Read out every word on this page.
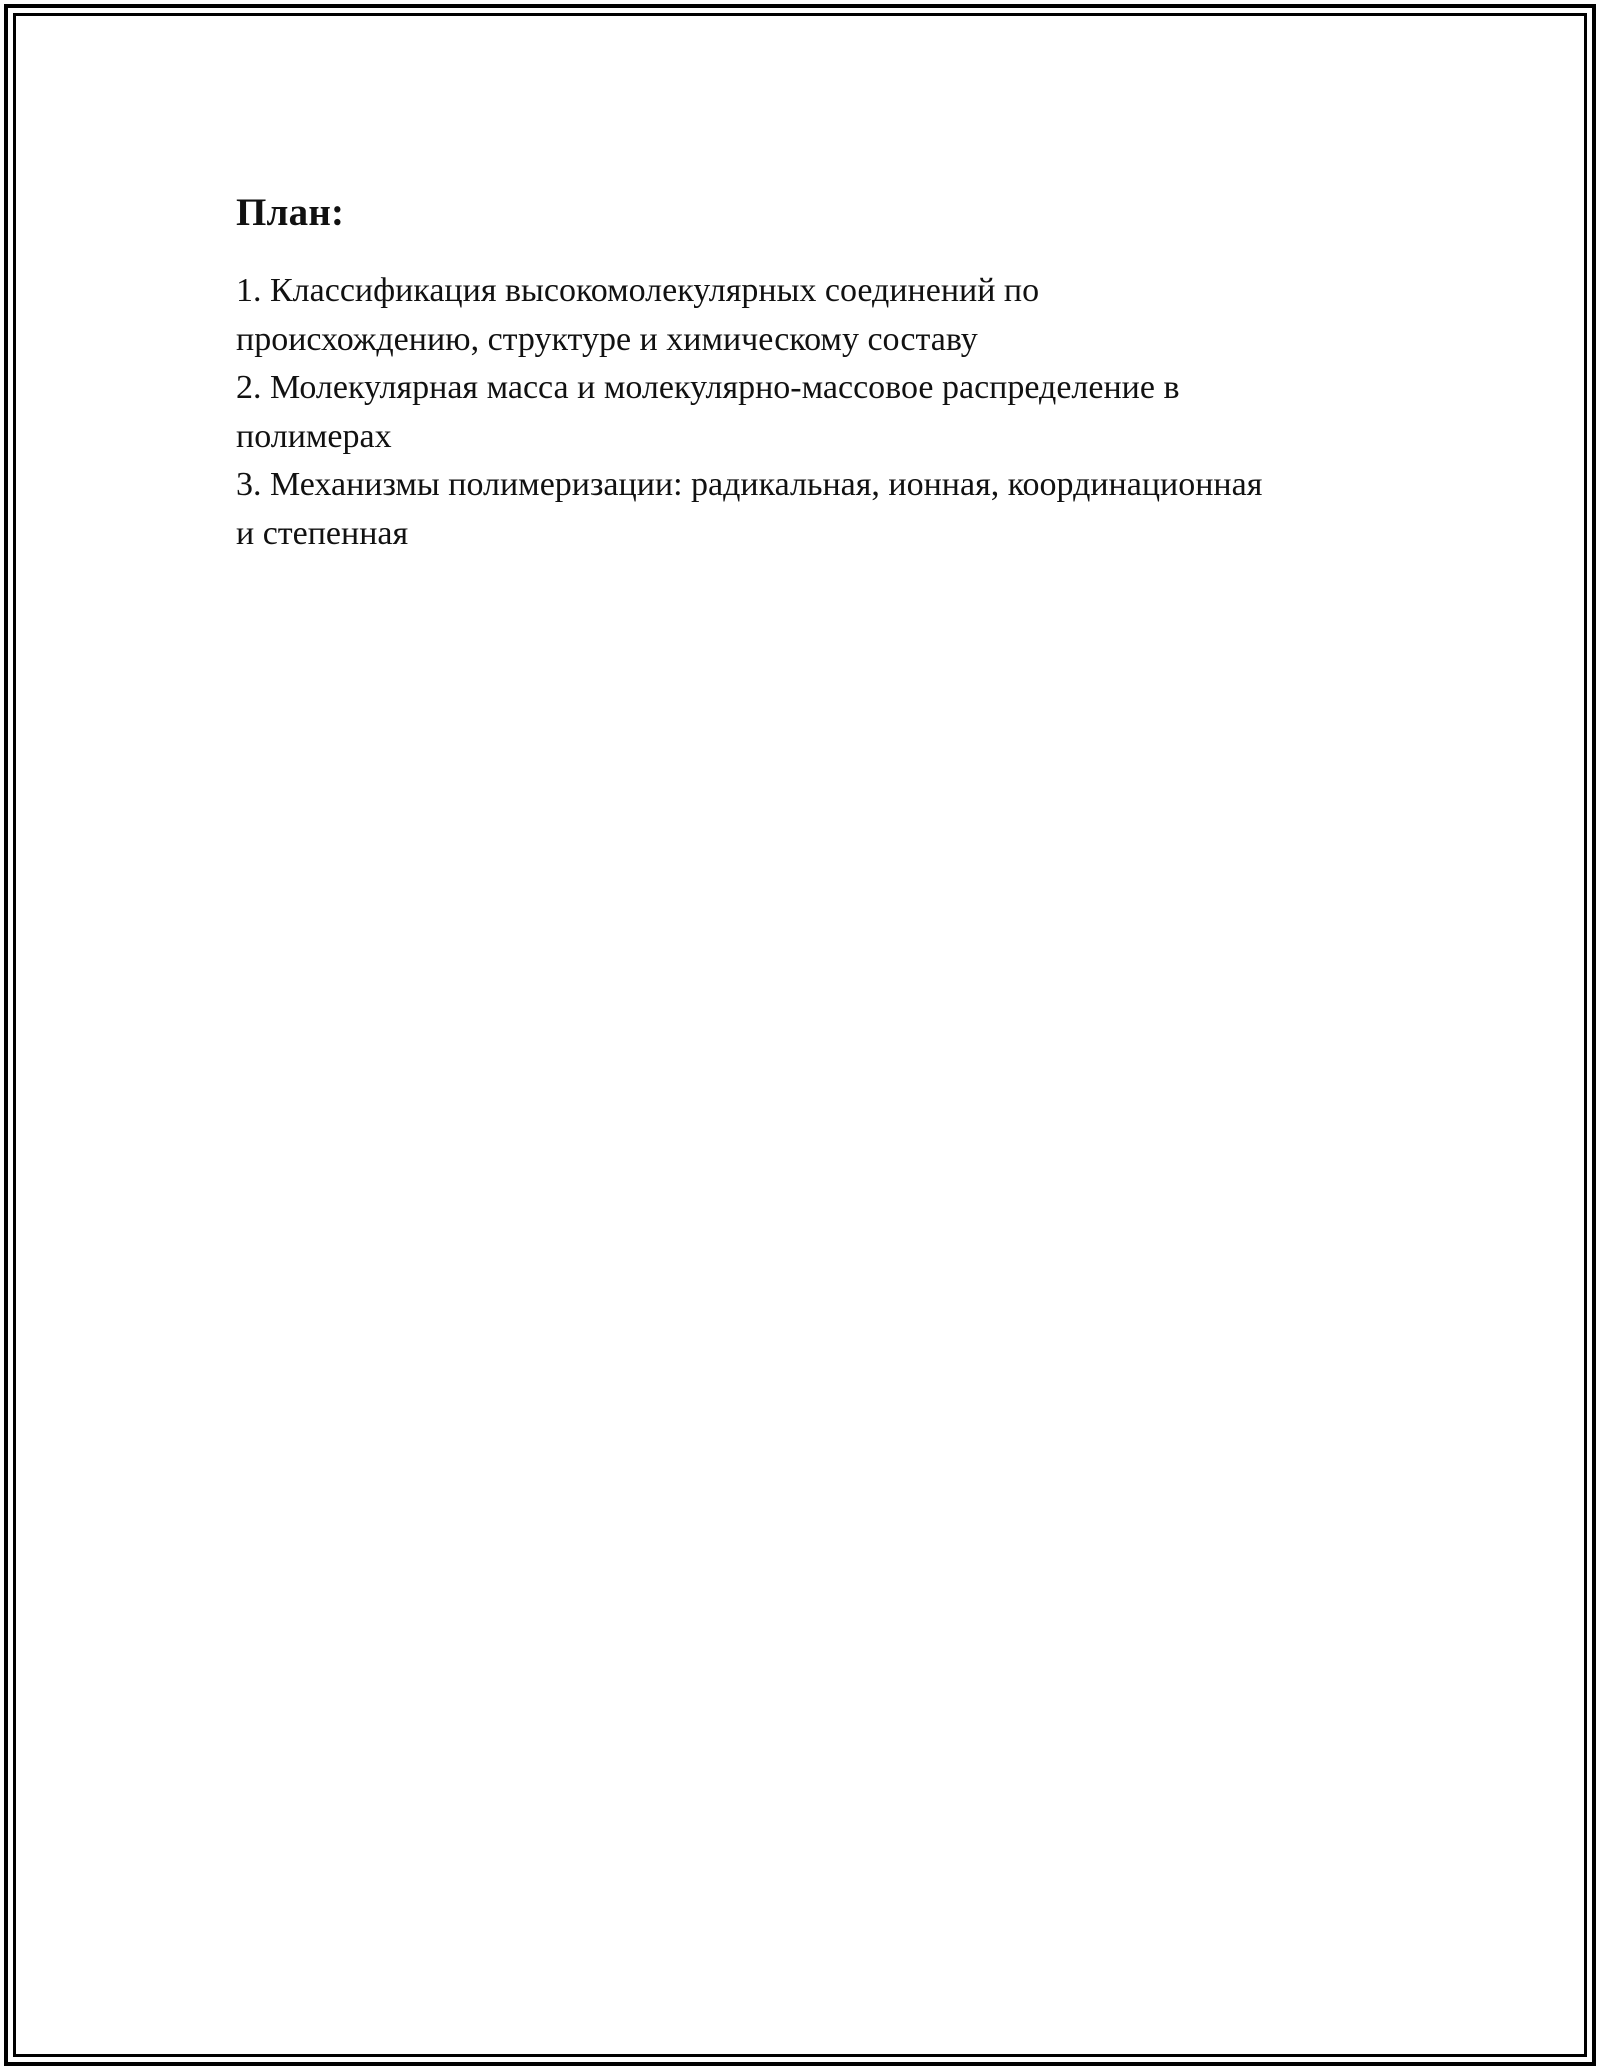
План:
1. Классификация высокомолекулярных соединений по
происхождению, структуре и химическому составу
2. Молекулярная масса и молекулярно-массовое распределение в
полимерах
3. Механизмы полимеризации: радикальная, ионная, координационная
и степенная
